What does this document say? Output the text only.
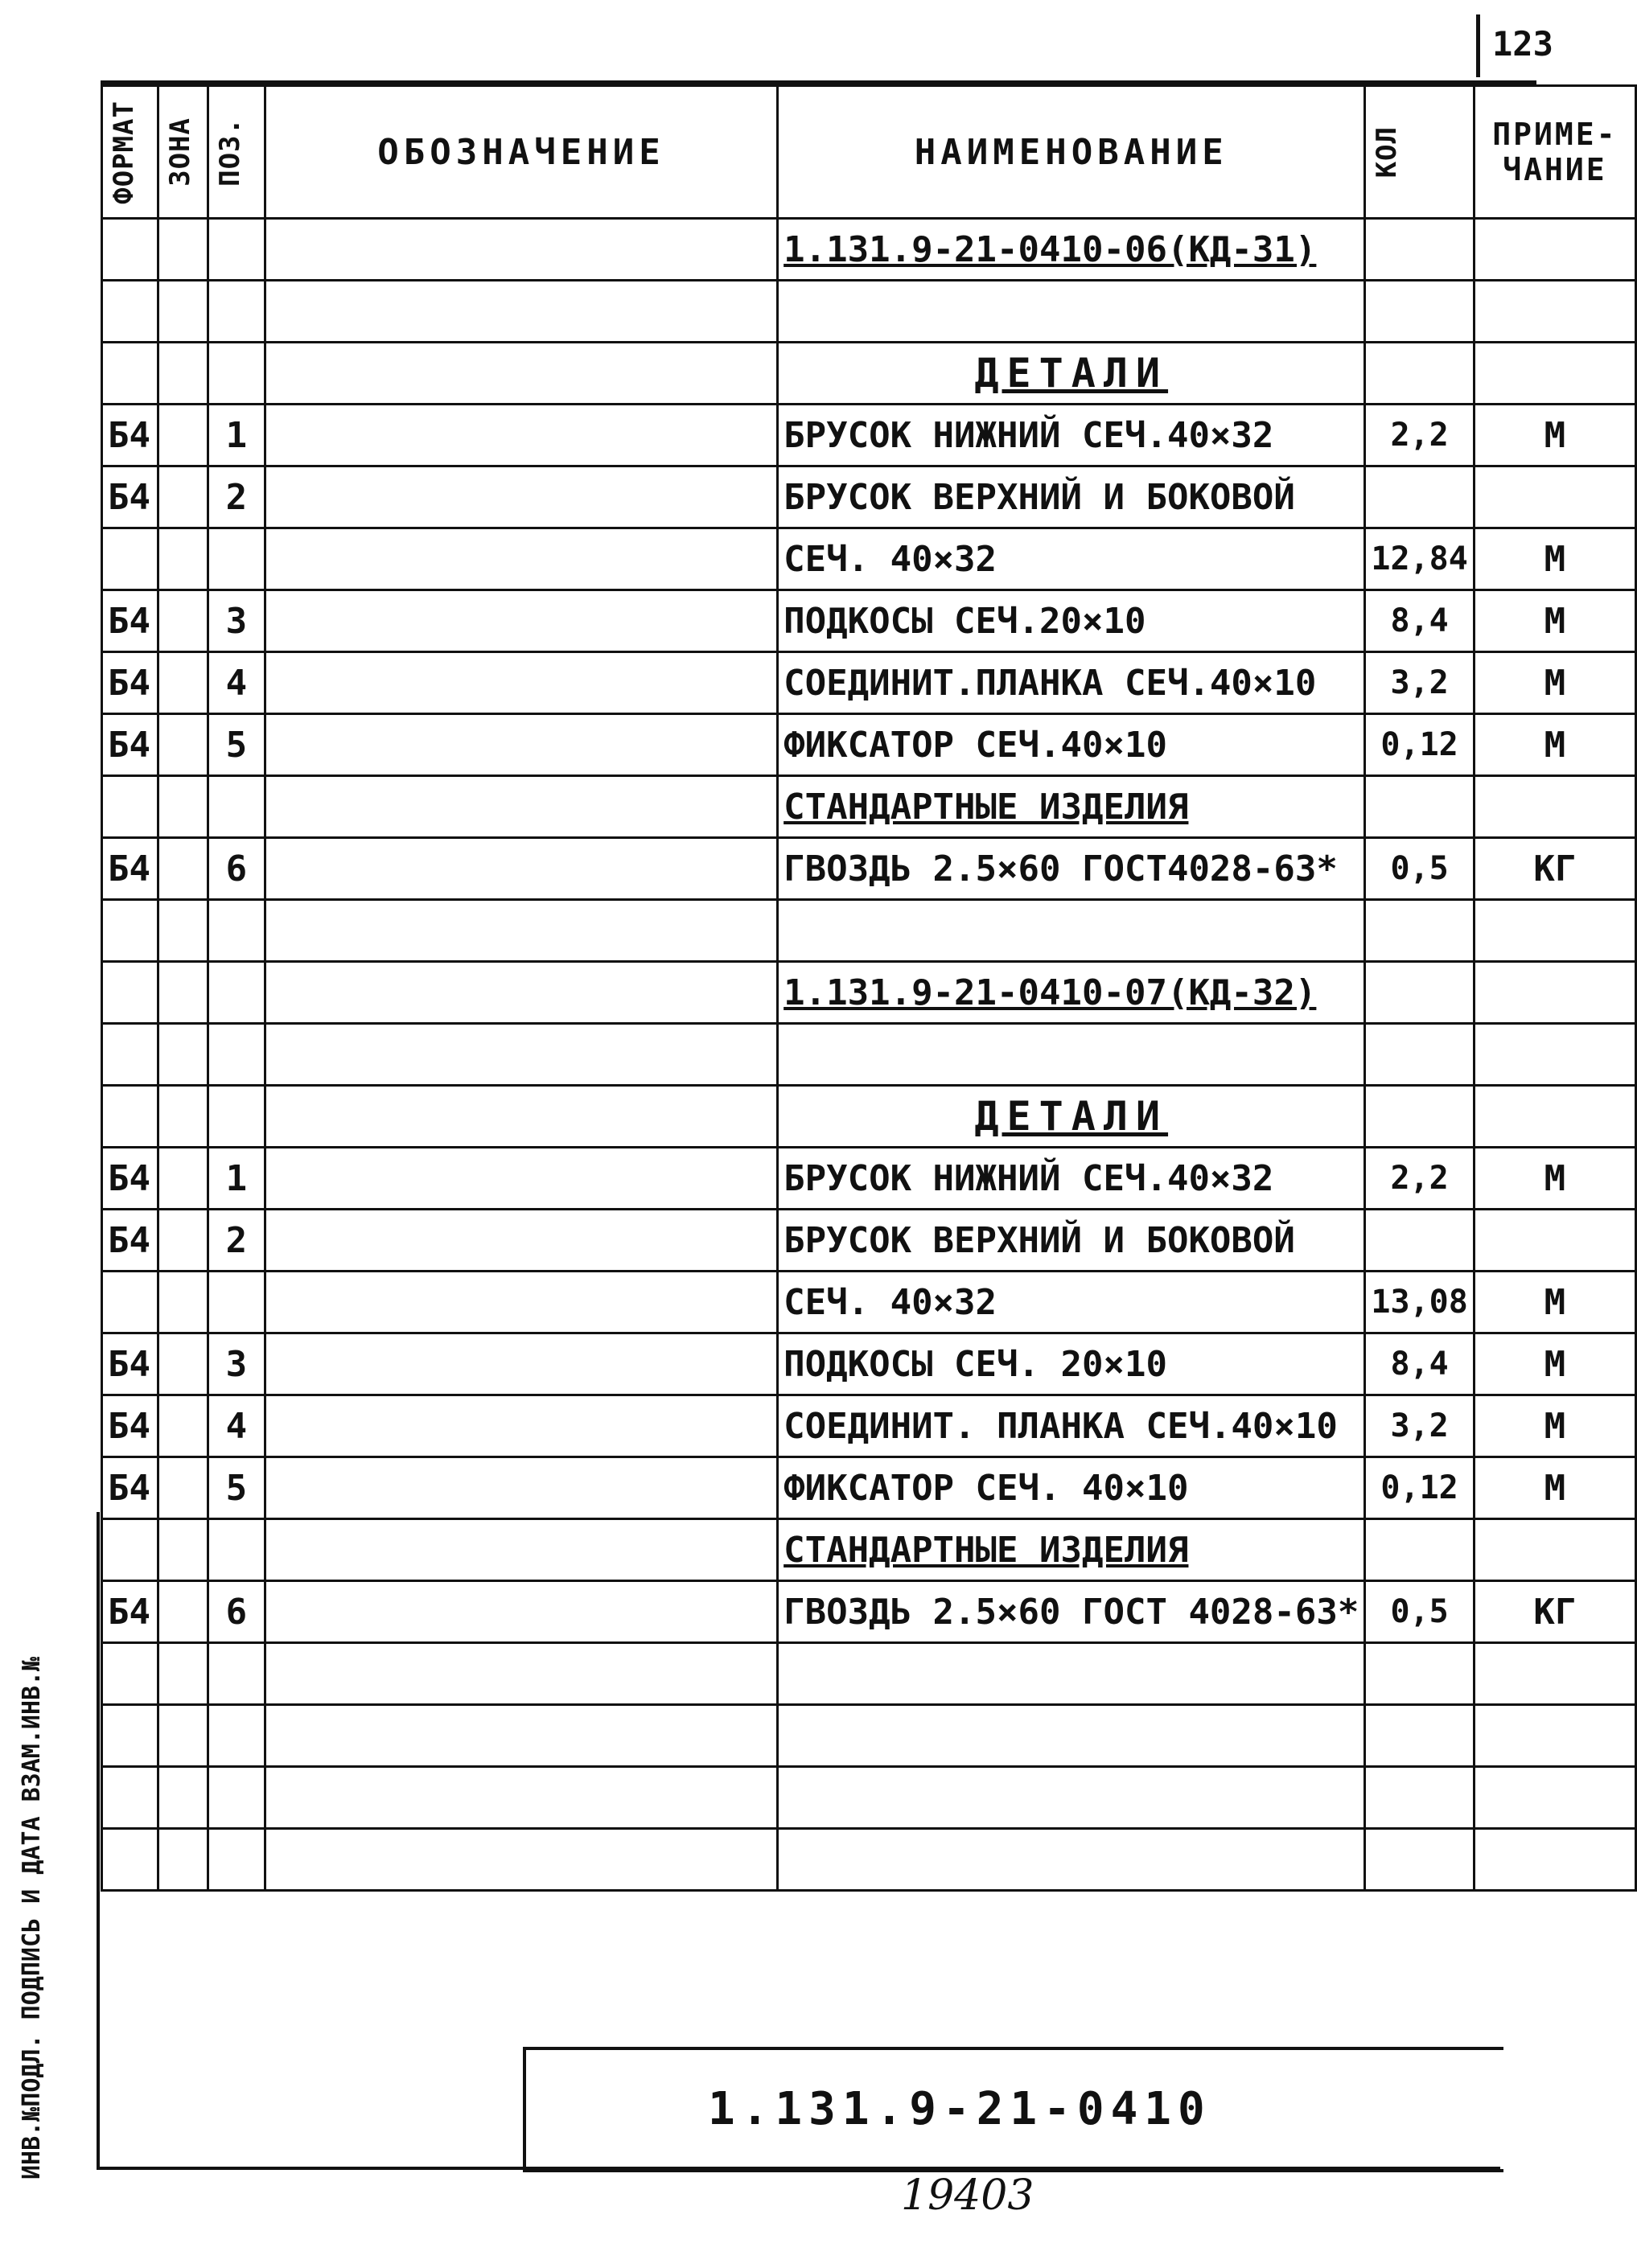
123
ФОРМАТ	ЗОНА	ПОЗ.	ОБОЗНАЧЕНИЕ	НАИМЕНОВАНИЕ	КОЛ	ПРИМЕ-ЧАНИЕ
				1.131.9-21-0410-06(КД-31)		

				ДЕТАЛИ		
Б4		1		БРУСОК НИЖНИЙ СЕЧ.40×32	2,2	М
Б4		2		БРУСОК ВЕРХНИЙ И БОКОВОЙ		
				СЕЧ. 40×32	12,84	М
Б4		3		ПОДКОСЫ СЕЧ.20×10	8,4	М
Б4		4		СОЕДИНИТ.ПЛАНКА СЕЧ.40×10	3,2	М
Б4		5		ФИКСАТОР СЕЧ.40×10	0,12	М
				СТАНДАРТНЫЕ ИЗДЕЛИЯ		
Б4		6		ГВОЗДЬ 2.5×60 ГОСТ4028-63*	0,5	КГ

				1.131.9-21-0410-07(КД-32)		

				ДЕТАЛИ		
Б4		1		БРУСОК НИЖНИЙ СЕЧ.40×32	2,2	М
Б4		2		БРУСОК ВЕРХНИЙ И БОКОВОЙ		
				СЕЧ. 40×32	13,08	М
Б4		3		ПОДКОСЫ СЕЧ. 20×10	8,4	М
Б4		4		СОЕДИНИТ. ПЛАНКА СЕЧ.40×10	3,2	М
Б4		5		ФИКСАТОР СЕЧ. 40×10	0,12	М
				СТАНДАРТНЫЕ ИЗДЕЛИЯ		
Б4		6		ГВОЗДЬ 2.5×60 ГОСТ 4028-63*	0,5	КГ

ИНВ.№ПОДЛ. ПОДПИСЬ И ДАТА ВЗАМ.ИНВ.№	1.131.9-21-0410
19403
